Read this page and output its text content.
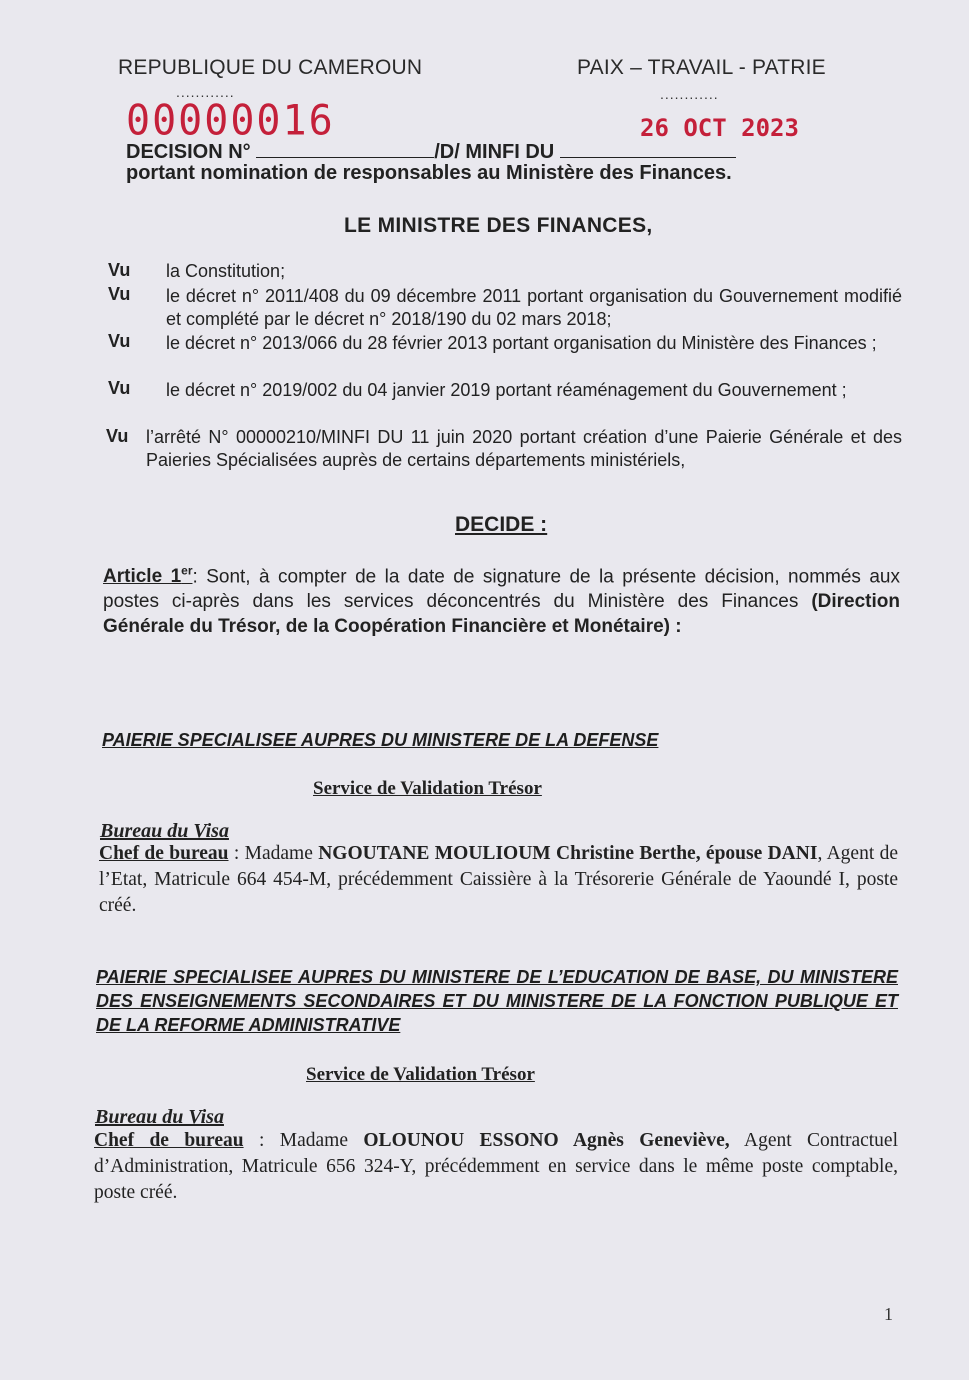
REPUBLIQUE DU CAMEROUN	PAIX – TRAVAIL - PATRIE
............	............
DECISION N°	/D/ MINFI DU
00000016	26 OCT 2023
portant nomination de responsables au Ministère des Finances.
LE MINISTRE DES FINANCES,
Vu la Constitution;
Vu le décret n° 2011/408 du 09 décembre 2011 portant organisation du Gouvernement modifié et complété par le décret n° 2018/190 du 02 mars 2018;
Vu le décret n° 2013/066 du 28 février 2013 portant organisation du Ministère des Finances ;
Vu le décret n° 2019/002 du 04 janvier 2019 portant réaménagement du Gouvernement ;
Vu l’arrêté N° 00000210/MINFI DU 11 juin 2020 portant création d’une Paierie Générale et des Paieries Spécialisées auprès de certains départements ministériels,
DECIDE :
Article 1er: Sont, à compter de la date de signature de la présente décision, nommés aux postes ci-après dans les services déconcentrés du Ministère des Finances (Direction Générale du Trésor, de la Coopération Financière et Monétaire) :
PAIERIE SPECIALISEE AUPRES DU MINISTERE DE LA DEFENSE
Service de Validation Trésor
Bureau du Visa
Chef de bureau : Madame NGOUTANE MOULIOUM Christine Berthe, épouse DANI, Agent de l’Etat, Matricule 664 454-M, précédemment Caissière à la Trésorerie Générale de Yaoundé I, poste créé.
PAIERIE SPECIALISEE AUPRES DU MINISTERE DE L’EDUCATION DE BASE, DU MINISTERE DES ENSEIGNEMENTS SECONDAIRES ET DU MINISTERE DE LA FONCTION PUBLIQUE ET DE LA REFORME ADMINISTRATIVE
Service de Validation Trésor
Bureau du Visa
Chef de bureau : Madame OLOUNOU ESSONO Agnès Geneviève, Agent Contractuel d’Administration, Matricule 656 324-Y, précédemment en service dans le même poste comptable, poste créé.
1
